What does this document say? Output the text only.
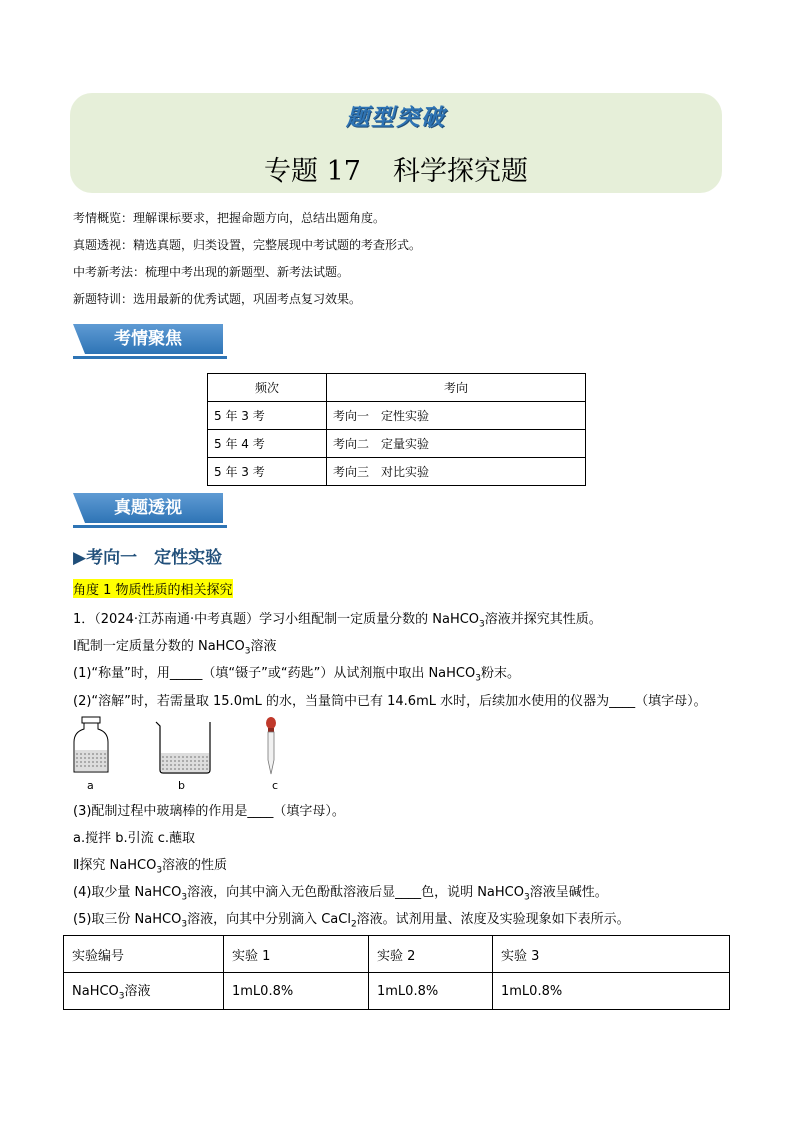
题型突破
专题 17 科学探究题
考情概览：理解课标要求，把握命题方向，总结出题角度。
真题透视：精选真题，归类设置，完整展现中考试题的考查形式。
中考新考法：梳理中考出现的新题型、新考法试题。
新题特训：选用最新的优秀试题，巩固考点复习效果。
考情聚焦
频次	考向
5 年 3 考	考向一　定性实验
5 年 4 考	考向二　定量实验
5 年 3 考	考向三　对比实验
真题透视
▶考向一　定性实验
角度 1 物质性质的相关探究
1．（2024·江苏南通·中考真题）学习小组配制一定质量分数的 NaHCO$_3$溶液并探究其性质。
Ⅰ配制一定质量分数的 NaHCO$_3$溶液
(1)“称量”时，用_____（填“镊子”或“药匙”）从试剂瓶中取出 NaHCO$_3$粉末。
(2)“溶解”时，若需量取 15.0mL 的水，当量筒中已有 14.6mL 水时，后续加水使用的仪器为____（填字母）。
a	b	c
(3)配制过程中玻璃棒的作用是____（填字母）。
a.搅拌 b.引流 c.蘸取
Ⅱ探究 NaHCO$_3$溶液的性质
(4)取少量 NaHCO$_3$溶液，向其中滴入无色酚酞溶液后显____色，说明 NaHCO$_3$溶液呈碱性。
(5)取三份 NaHCO$_3$溶液，向其中分别滴入 CaCl$_2$溶液。试剂用量、浓度及实验现象如下表所示。
实验编号	实验 1	实验 2	实验 3
NaHCO$_3$溶液	1mL0.8%	1mL0.8%	1mL0.8%
